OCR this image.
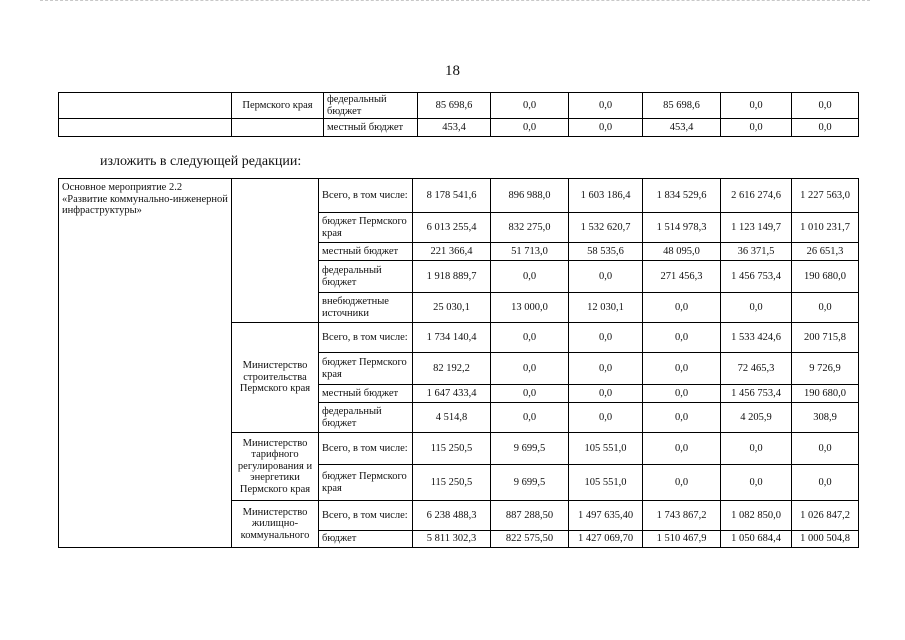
18
	Пермского края	федеральный бюджет	85 698,6	0,0	0,0	85 698,6	0,0	0,0
		местный бюджет	453,4	0,0	0,0	453,4	0,0	0,0
изложить в следующей редакции:
Основное мероприятие 2.2 «Развитие коммунально-инженерной инфраструктуры»		Всего, в том числе:	8 178 541,6	896 988,0	1 603 186,4	1 834 529,6	2 616 274,6	1 227 563,0
		бюджет Пермского края	6 013 255,4	832 275,0	1 532 620,7	1 514 978,3	1 123 149,7	1 010 231,7
		местный бюджет	221 366,4	51 713,0	58 535,6	48 095,0	36 371,5	26 651,3
		федеральный бюджет	1 918 889,7	0,0	0,0	271 456,3	1 456 753,4	190 680,0
		внебюджетные источники	25 030,1	13 000,0	12 030,1	0,0	0,0	0,0
	Министерство строительства Пермского края	Всего, в том числе:	1 734 140,4	0,0	0,0	0,0	1 533 424,6	200 715,8
		бюджет Пермского края	82 192,2	0,0	0,0	0,0	72 465,3	9 726,9
		местный бюджет	1 647 433,4	0,0	0,0	0,0	1 456 753,4	190 680,0
		федеральный бюджет	4 514,8	0,0	0,0	0,0	4 205,9	308,9
	Министерство тарифного регулирования и энергетики Пермского края	Всего, в том числе:	115 250,5	9 699,5	105 551,0	0,0	0,0	0,0
		бюджет Пермского края	115 250,5	9 699,5	105 551,0	0,0	0,0	0,0
	Министерство жилищно-коммунального	Всего, в том числе:	6 238 488,3	887 288,50	1 497 635,40	1 743 867,2	1 082 850,0	1 026 847,2
		бюджет	5 811 302,3	822 575,50	1 427 069,70	1 510 467,9	1 050 684,4	1 000 504,8
